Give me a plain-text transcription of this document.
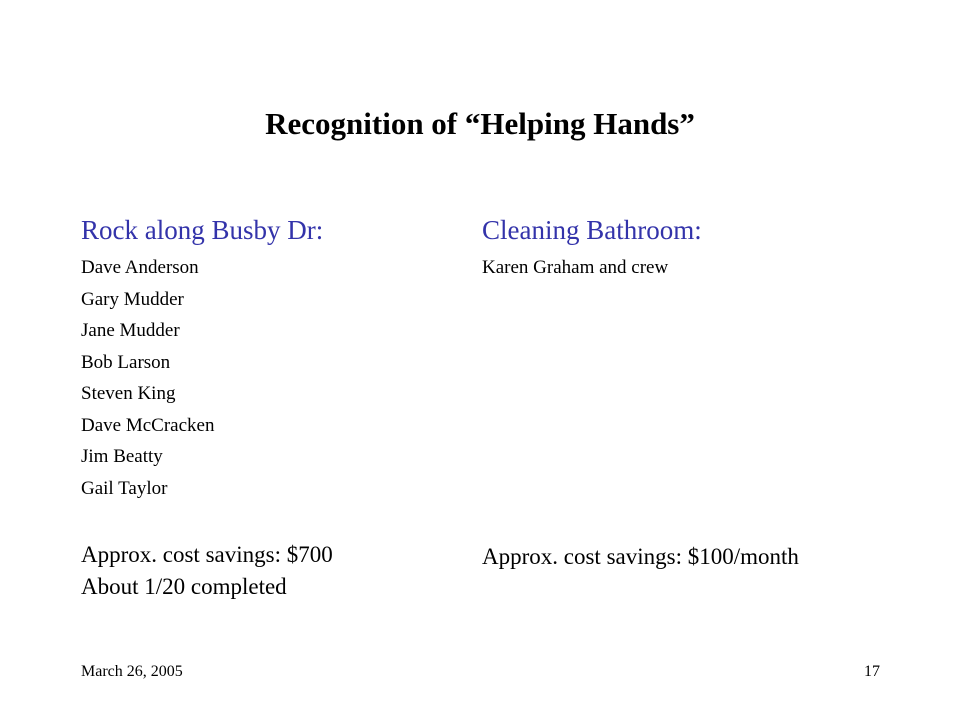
Recognition of “Helping Hands”
Rock along Busby Dr:
Dave Anderson
Gary Mudder
Jane Mudder
Bob Larson
Steven King
Dave McCracken
Jim Beatty
Gail Taylor
Approx. cost savings: $700
About 1/20 completed
Cleaning Bathroom:
Karen Graham and crew
Approx. cost savings: $100/month
March 26, 2005	17
